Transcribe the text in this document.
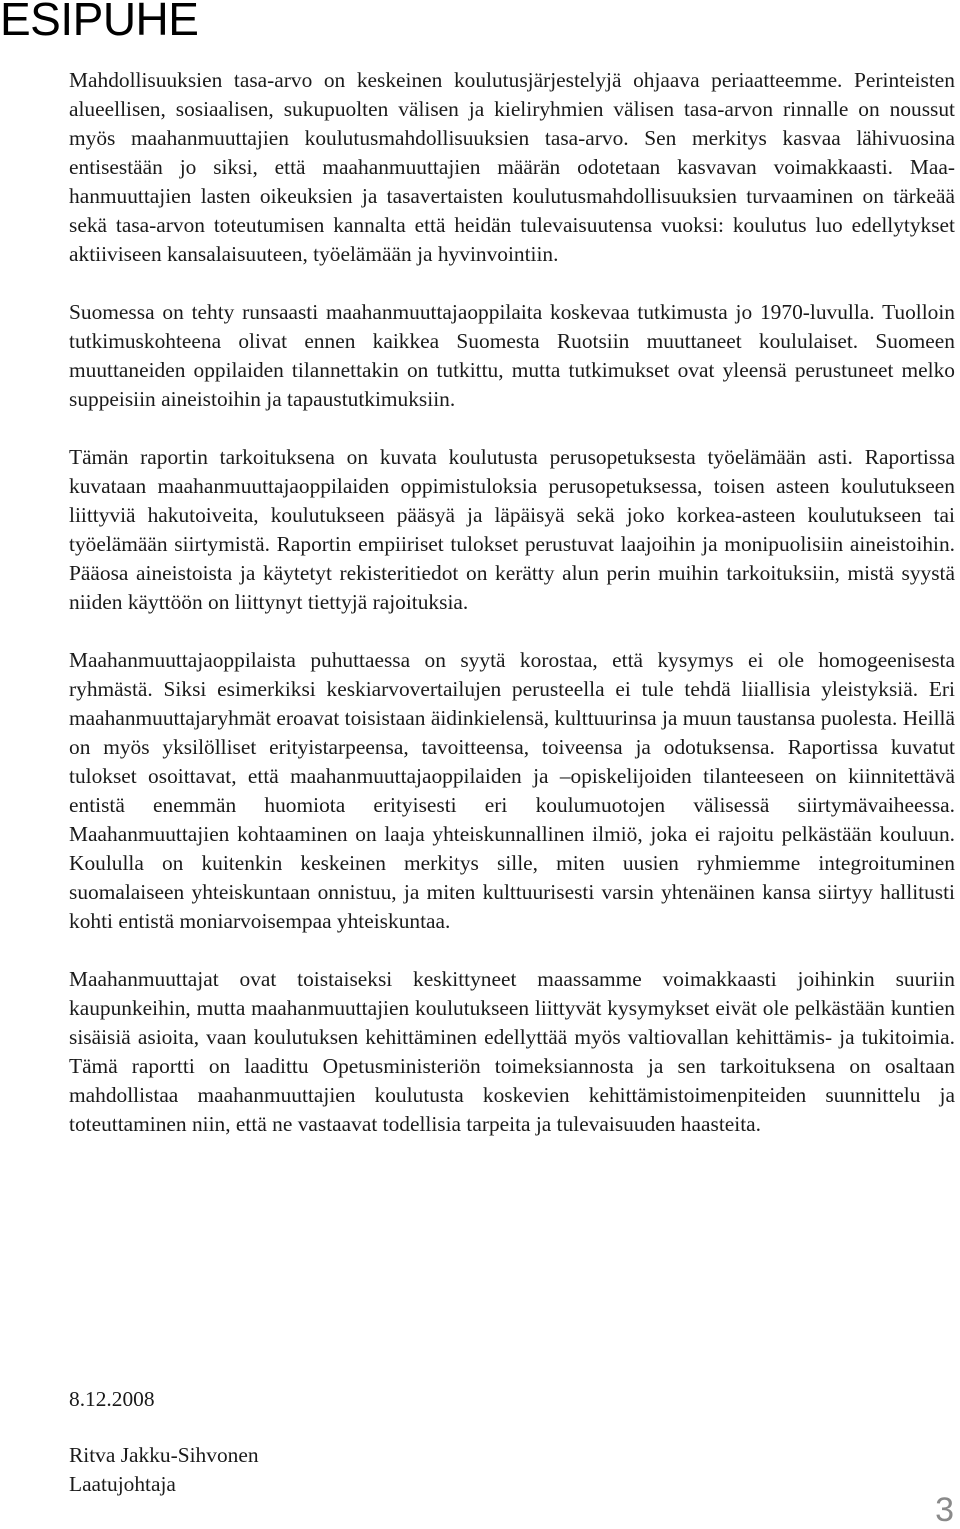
ESIPUHE

Mahdollisuuksien tasa-arvo on keskeinen koulutusjärjestelyjä ohjaava periaatteemme. Perinteisten alueellisen, sosiaalisen, sukupuolten välisen ja kieliryhmien välisen tasa-arvon rinnalle on noussut myös maahanmuuttajien koulutusmahdollisuuksien tasa-arvo. Sen merkitys kasvaa lähivuosina entisestään jo siksi, että maahanmuuttajien määrän odotetaan kasvavan voimakkaasti. Maahanmuuttajien lasten oikeuksien ja tasavertaisten koulutusmahdollisuuksien turvaaminen on tärkeää sekä tasa-arvon toteutumisen kannalta että heidän tulevaisuutensa vuoksi: koulutus luo edellytykset aktiiviseen kansalaisuuteen, työelämään ja hyvinvointiin.

Suomessa on tehty runsaasti maahanmuuttajaoppilaita koskevaa tutkimusta jo 1970-luvulla. Tuolloin tutkimuskohteena olivat ennen kaikkea Suomesta Ruotsiin muuttaneet koululaiset. Suomeen muuttaneiden oppilaiden tilannettakin on tutkittu, mutta tutkimukset ovat yleensä perustuneet melko suppeisiin aineistoihin ja tapaustutkimuksiin.

Tämän raportin tarkoituksena on kuvata koulutusta perusopetuksesta työelämään asti. Raportissa kuvataan maahanmuuttajaoppilaiden oppimistuloksia perusopetuksessa, toisen asteen koulutukseen liittyviä hakutoiveita, koulutukseen pääsyä ja läpäisyä sekä joko korkea-asteen koulutukseen tai työelämään siirtymistä. Raportin empiiriset tulokset perustuvat laajoihin ja monipuolisiin aineistoihin. Pääosa aineistoista ja käytetyt rekisteritiedot on kerätty alun perin muihin tarkoituksiin, mistä syystä niiden käyttöön on liittynyt tiettyjä rajoituksia.

Maahanmuuttajaoppilaista puhuttaessa on syytä korostaa, että kysymys ei ole homogeenisesta ryhmästä. Siksi esimerkiksi keskiarvovertailujen perusteella ei tule tehdä liiallisia yleistyksiä. Eri maahanmuuttajaryhmät eroavat toisistaan äidinkielensä, kulttuurinsa ja muun taustansa puolesta. Heillä on myös yksilölliset erityistarpeensa, tavoitteensa, toiveensa ja odotuksensa. Raportissa kuvatut tulokset osoittavat, että maahanmuuttajaoppilaiden ja –opiskelijoiden tilanteeseen on kiinnitettävä entistä enemmän huomiota erityisesti eri koulumuotojen välisessä siirtymävaiheessa. Maahanmuuttajien kohtaaminen on laaja yhteiskunnallinen ilmiö, joka ei rajoitu pelkästään kouluun. Koululla on kuitenkin keskeinen merkitys sille, miten uusien ryhmiemme integroituminen suomalaiseen yhteiskuntaan onnistuu, ja miten kulttuurisesti varsin yhtenäinen kansa siirtyy hallitusti kohti entistä moniarvoisempaa yhteiskuntaa.

Maahanmuuttajat ovat toistaiseksi keskittyneet maassamme voimakkaasti joihinkin suuriin kaupunkeihin, mutta maahanmuuttajien koulutukseen liittyvät kysymykset eivät ole pelkästään kuntien sisäisiä asioita, vaan koulutuksen kehittäminen edellyttää myös valtiovallan kehittämis- ja tukitoimia. Tämä raportti on laadittu Opetusministeriön toimeksiannosta ja sen tarkoituksena on osaltaan mahdollistaa maahanmuuttajien koulutusta koskevien kehittämistoimenpiteiden suunnittelu ja toteuttaminen niin, että ne vastaavat todellisia tarpeita ja tulevaisuuden haasteita.

8.12.2008

Ritva Jakku-Sihvonen
Laatujohtaja
3
